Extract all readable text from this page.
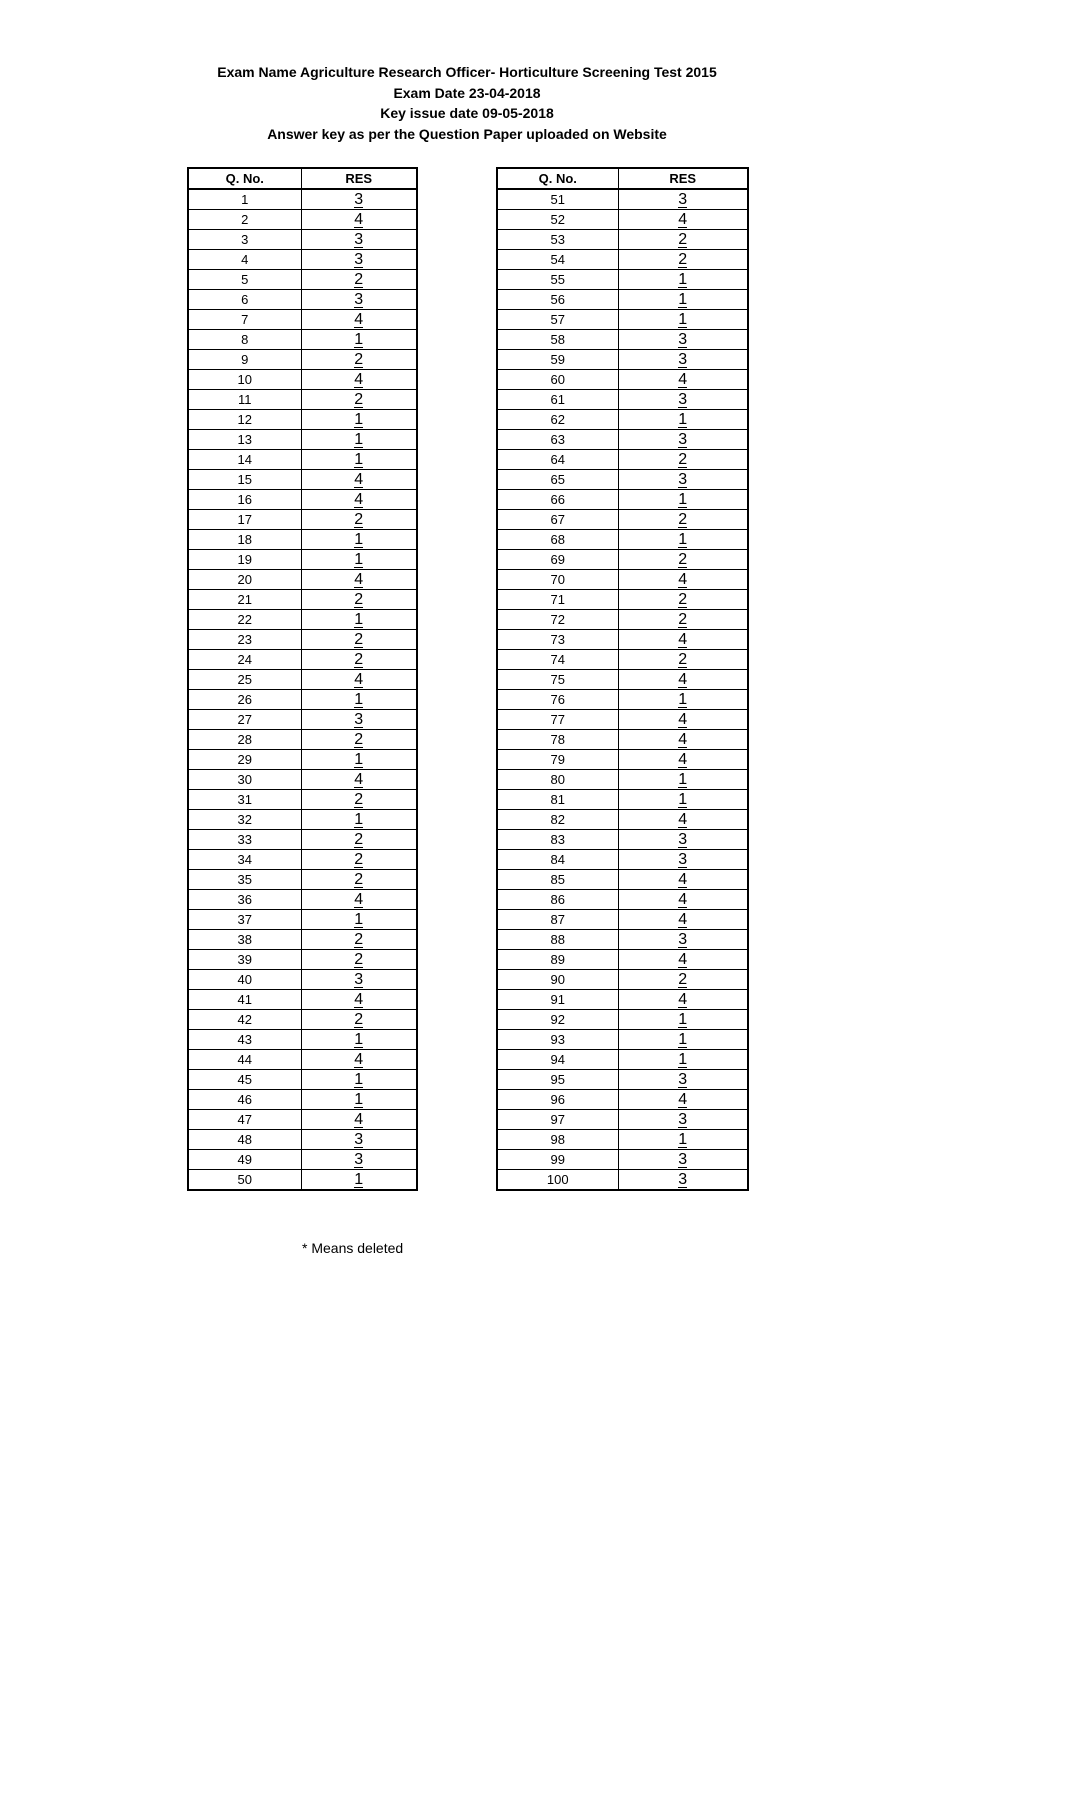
Exam Name Agriculture Research Officer- Horticulture Screening Test 2015
Exam Date 23-04-2018
Key issue date 09-05-2018
Answer key as per the Question Paper uploaded on Website
Q. No.	RES
1	3
2	4
3	3
4	3
5	2
6	3
7	4
8	1
9	2
10	4
11	2
12	1
13	1
14	1
15	4
16	4
17	2
18	1
19	1
20	4
21	2
22	1
23	2
24	2
25	4
26	1
27	3
28	2
29	1
30	4
31	2
32	1
33	2
34	2
35	2
36	4
37	1
38	2
39	2
40	3
41	4
42	2
43	1
44	4
45	1
46	1
47	4
48	3
49	3
50	1
Q. No.	RES
51	3
52	4
53	2
54	2
55	1
56	1
57	1
58	3
59	3
60	4
61	3
62	1
63	3
64	2
65	3
66	1
67	2
68	1
69	2
70	4
71	2
72	2
73	4
74	2
75	4
76	1
77	4
78	4
79	4
80	1
81	1
82	4
83	3
84	3
85	4
86	4
87	4
88	3
89	4
90	2
91	4
92	1
93	1
94	1
95	3
96	4
97	3
98	1
99	3
100	3
* Means deleted
